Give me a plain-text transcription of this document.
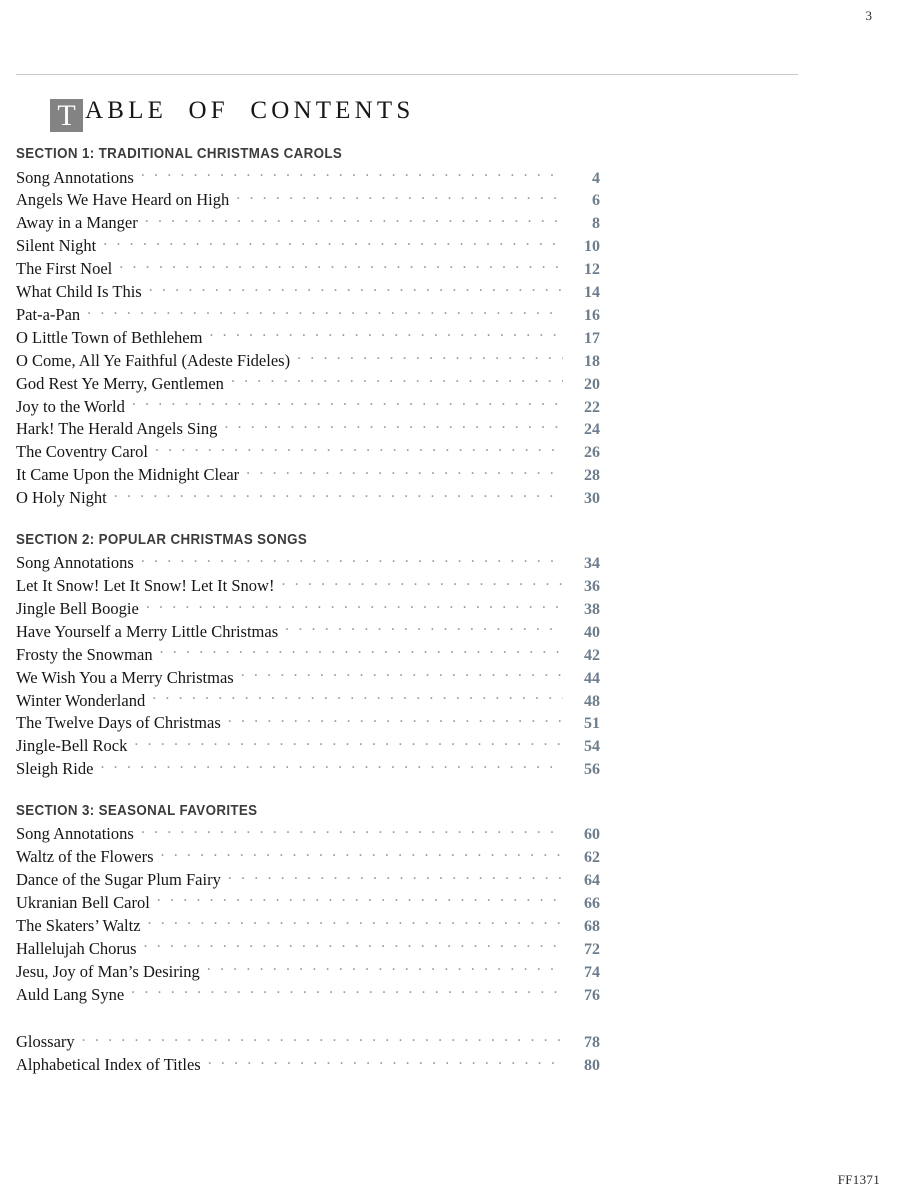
3
T ABLE OF CONTENTS
SECTION 1: TRADITIONAL CHRISTMAS CAROLS
Song Annotations . . .	4
Angels We Have Heard on High . . .	6
Away in a Manger . . .	8
Silent Night . . .	10
The First Noel . . .	12
What Child Is This . . .	14
Pat-a-Pan . . .	16
O Little Town of Bethlehem . . .	17
O Come, All Ye Faithful (Adeste Fideles) . . .	18
God Rest Ye Merry, Gentlemen . . .	20
Joy to the World . . .	22
Hark! The Herald Angels Sing . . .	24
The Coventry Carol . . .	26
It Came Upon the Midnight Clear . . .	28
O Holy Night . . .	30
SECTION 2: POPULAR CHRISTMAS SONGS
Song Annotations . . .	34
Let It Snow! Let It Snow! Let It Snow! . . .	36
Jingle Bell Boogie . . .	38
Have Yourself a Merry Little Christmas . . .	40
Frosty the Snowman . . .	42
We Wish You a Merry Christmas . . .	44
Winter Wonderland . . .	48
The Twelve Days of Christmas . . .	51
Jingle-Bell Rock . . .	54
Sleigh Ride . . .	56
SECTION 3: SEASONAL FAVORITES
Song Annotations . . .	60
Waltz of the Flowers . . .	62
Dance of the Sugar Plum Fairy . . .	64
Ukranian Bell Carol . . .	66
The Skaters’ Waltz . . .	68
Hallelujah Chorus . . .	72
Jesu, Joy of Man’s Desiring . . .	74
Auld Lang Syne . . .	76
Glossary . . .	78
Alphabetical Index of Titles . . .	80
FF1371
